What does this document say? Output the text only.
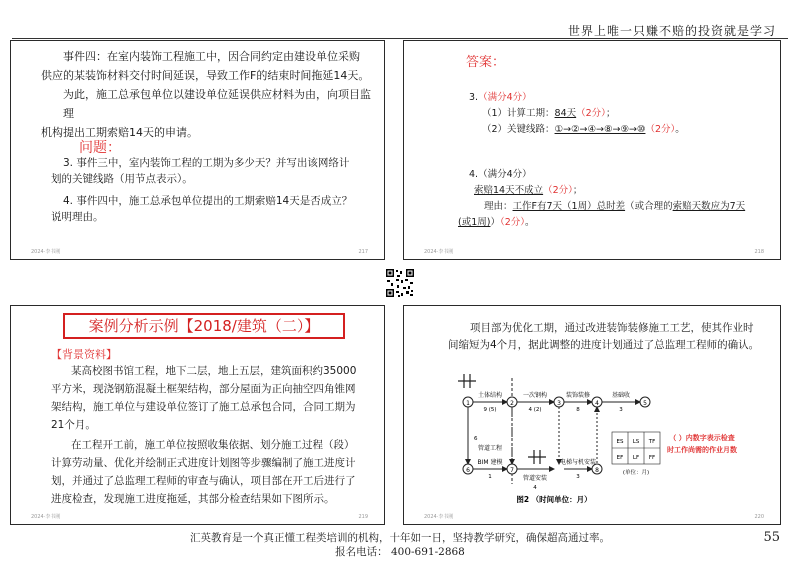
世界上唯一只赚不赔的投资就是学习
事件四：在室内装饰工程施工中，因合同约定由建设单位采购
供应的某装饰材料交付时间延误，导致工作F的结束时间拖延14天。
为此，施工总承包单位以建设单位延误供应材料为由，向项目监理
机构提出工期索赔14天的申请。
问题：
3. 事件三中，室内装饰工程的工期为多少天？并写出该网络计
划的关键线路（用节点表示）。
4. 事件四中，施工总承包单位提出的工期索赔14天是否成立？
说明理由。
2024·李书刚	217
答案：
3.（满分4分）
（1）计算工期：84天（2分）；
（2）关键线路：①→②→④→⑧→⑨→⑩（2分）。
4.（满分4分）
索赔14天不成立（2分）；
理由：工作F有7天（1周）总时差（或合理的索赔天数应为7天
(或1周)）（2分）。
2024·李书刚	218
案例分析示例【2018/建筑（二）】
【背景资料】
某高校图书馆工程，地下二层，地上五层，建筑面积约35000
平方米，现浇钢筋混凝土框架结构，部分屋面为正向抽空四角锥网
架结构，施工单位与建设单位签订了施工总承包合同，合同工期为
21个月。
在工程开工前，施工单位按照收集依据、划分施工过程（段）
计算劳动量、优化并绘制正式进度计划图等步骤编制了施工进度计
划，并通过了总监理工程师的审查与确认，项目部在开工后进行了
进度检查，发现施工进度拖延，其部分检查结果如下图所示。
2024·李书刚	219
项目部为优化工期，通过改进装饰装修施工工艺，使其作业时
间缩短为4个月，据此调整的进度计划通过了总监理工程师的确认。
1	2	3	4	5
6	7	8
土体结构	一次钢构	装饰装修	基础收
管道工程
BIM 建模
管道安装
电梯与机安装
9 (5)	4 (2)	8	3
1
6
4
3
ES LS TF
EF LF FF
(单位：月)
（ ）内数字表示检查
时工作尚需的作业月数
图2 （时间单位：月）
2024·李书刚	220
汇英教育是一个真正懂工程类培训的机构，十年如一日，坚持教学研究，确保超高通过率。
报名电话： 400-691-2868
55
